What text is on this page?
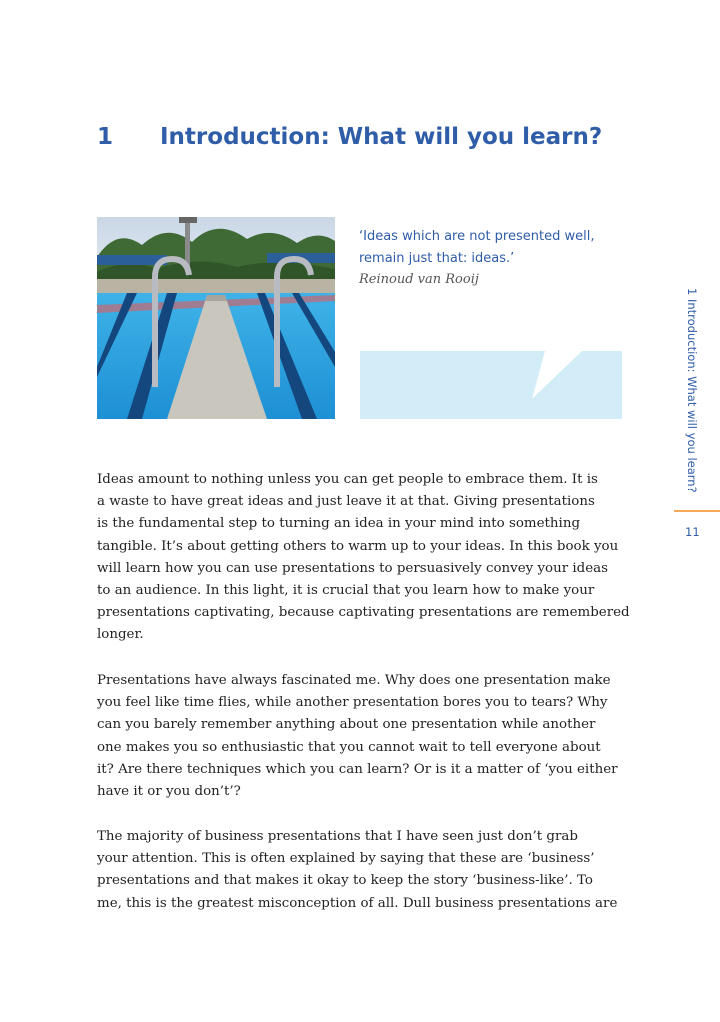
1 Introduction: What will you learn?
‘Ideas which are not presented well,
remain just that: ideas.’
Reinoud van Rooij
1 Introduction: What will you learn?
11
Ideas amount to nothing unless you can get people to embrace them. It is
a waste to have great ideas and just leave it at that. Giving presentations
is the fundamental step to turning an idea in your mind into something
tangible. It’s about getting others to warm up to your ideas. In this book you
will learn how you can use presentations to persuasively convey your ideas
to an audience. In this light, it is crucial that you learn how to make your
presentations captivating, because captivating presentations are remembered
longer.
Presentations have always fascinated me. Why does one presentation make
you feel like time flies, while another presentation bores you to tears? Why
can you barely remember anything about one presentation while another
one makes you so enthusiastic that you cannot wait to tell everyone about
it? Are there techniques which you can learn? Or is it a matter of ‘you either
have it or you don’t’?
The majority of business presentations that I have seen just don’t grab
your attention. This is often explained by saying that these are ‘business’
presentations and that makes it okay to keep the story ‘business-like’. To
me, this is the greatest misconception of all. Dull business presentations are
